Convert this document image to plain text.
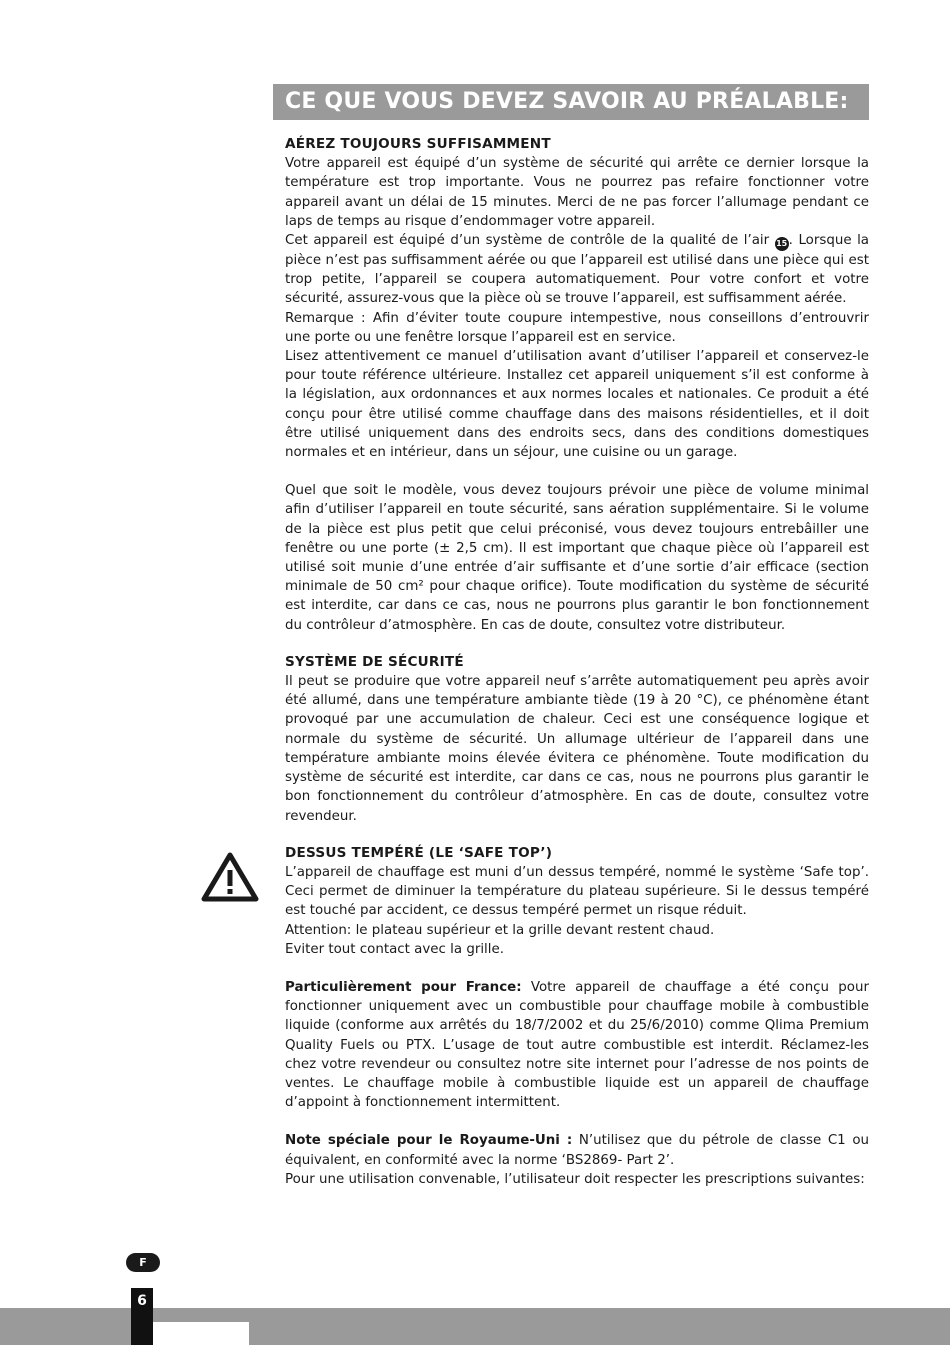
CE QUE VOUS DEVEZ SAVOIR AU PRÉALABLE:
AÉREZ TOUJOURS SUFFISAMMENT

Votre appareil est équipé d’un système de sécurité qui arrête ce dernier lorsque la température est trop importante. Vous ne pourrez pas refaire fonctionner votre appareil avant un délai de 15 minutes. Merci de ne pas forcer l’allumage pendant ce laps de temps au risque d’endommager votre appareil.

Cet appareil est équipé d’un système de contrôle de la qualité de l’air 15. Lorsque la pièce n’est pas suffisamment aérée ou que l’appareil est utilisé dans une pièce qui est trop petite, l’appareil se coupera automatiquement. Pour votre confort et votre sécurité, assurez-vous que la pièce où se trouve l’appareil, est suffisamment aérée.

Remarque : Afin d’éviter toute coupure intempestive, nous conseillons d’entrouvrir une porte ou une fenêtre lorsque l’appareil est en service.

Lisez attentivement ce manuel d’utilisation avant d’utiliser l’appareil et conservez-le pour toute référence ultérieure. Installez cet appareil uniquement s’il est conforme à la législation, aux ordonnances et aux normes locales et nationales. Ce produit a été conçu pour être utilisé comme chauffage dans des maisons résidentielles, et il doit être utilisé uniquement dans des endroits secs, dans des conditions domestiques normales et en intérieur, dans un séjour, une cuisine ou un garage.

Quel que soit le modèle, vous devez toujours prévoir une pièce de volume minimal afin d’utiliser l’appareil en toute sécurité, sans aération supplémentaire. Si le volume de la pièce est plus petit que celui préconisé, vous devez toujours entrebâiller une fenêtre ou une porte (± 2,5 cm). Il est important que chaque pièce où l’appareil est utilisé soit munie d’une entrée d’air suffisante et d’une sortie d’air efficace (section minimale de 50 cm² pour chaque orifice). Toute modification du système de sécurité est interdite, car dans ce cas, nous ne pourrons plus garantir le bon fonctionnement du contrôleur d’atmosphère. En cas de doute, consultez votre distributeur.

SYSTÈME DE SÉCURITÉ

Il peut se produire que votre appareil neuf s’arrête automatiquement peu après avoir été allumé, dans une température ambiante tiède (19 à 20 °C), ce phénomène étant provoqué par une accumulation de chaleur. Ceci est une conséquence logique et normale du système de sécurité. Un allumage ultérieur de l’appareil dans une température ambiante moins élevée évitera ce phénomène. Toute modification du système de sécurité est interdite, car dans ce cas, nous ne pourrons plus garantir le bon fonctionnement du contrôleur d’atmosphère. En cas de doute, consultez votre revendeur.

DESSUS TEMPÉRÉ (LE ‘SAFE TOP’)

L’appareil de chauffage est muni d’un dessus tempéré, nommé le système ‘Safe top’. Ceci permet de diminuer la température du plateau supérieure. Si le dessus tempéré est touché par accident, ce dessus tempéré permet un risque réduit.

Attention: le plateau supérieur et la grille devant restent chaud.

Eviter tout contact avec la grille.

Particulièrement pour France: Votre appareil de chauffage a été conçu pour fonctionner uniquement avec un combustible pour chauffage mobile à combustible liquide (conforme aux arrêtés du 18/7/2002 et du 25/6/2010) comme Qlima Premium Quality Fuels ou PTX. L’usage de tout autre combustible est interdit. Réclamez-les chez votre revendeur ou consultez notre site internet pour l’adresse de nos points de ventes. Le chauffage mobile à combustible liquide est un appareil de chauffage d’appoint à fonctionnement intermittent.

Note spéciale pour le Royaume-Uni : N’utilisez que du pétrole de classe C1 ou équivalent, en conformité avec la norme ‘BS2869- Part 2’.

Pour une utilisation convenable, l’utilisateur doit respecter les prescriptions suivantes:

F
6
